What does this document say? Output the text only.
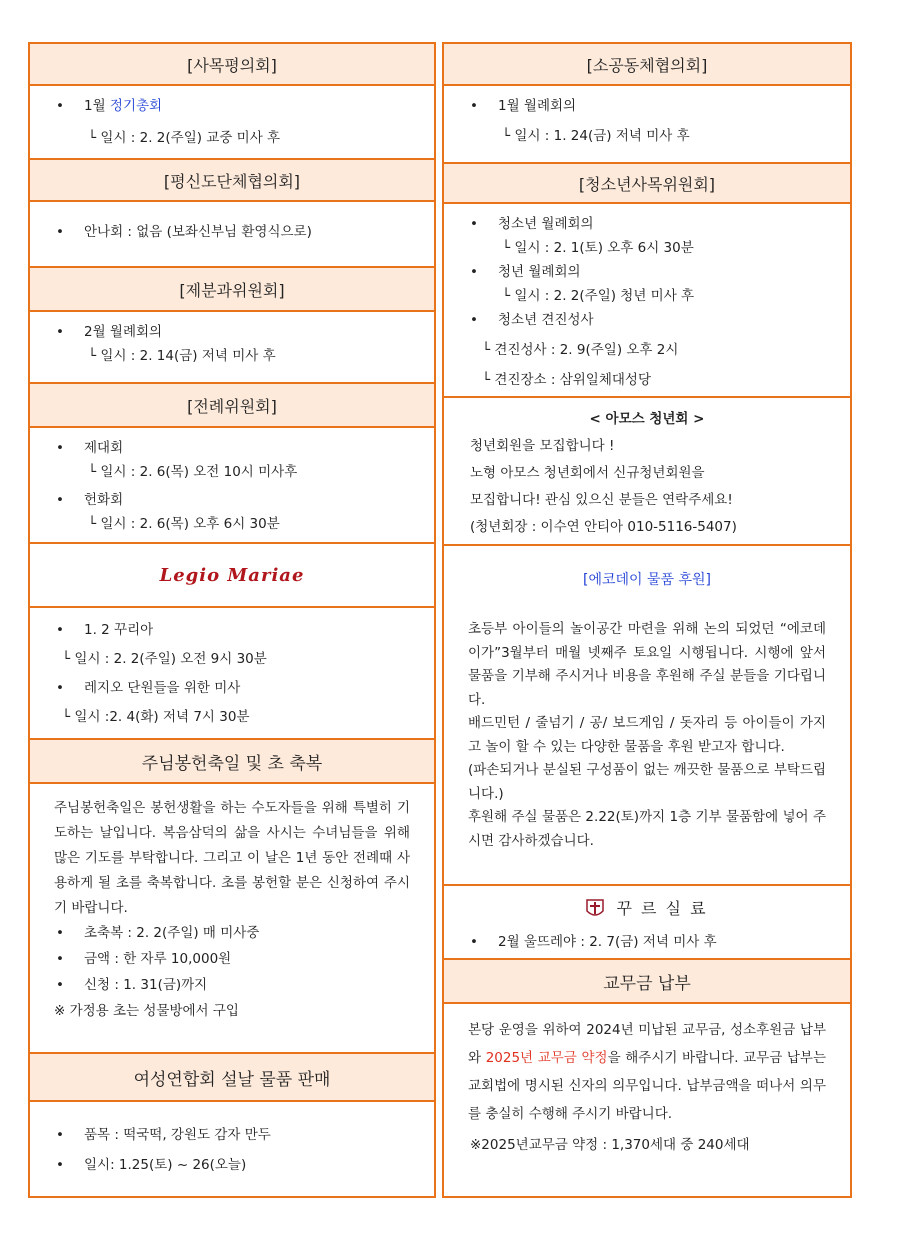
[사목평의회]
• 1월 정기총회
└ 일시 : 2. 2(주일) 교중 미사 후
[평신도단체협의회]
• 안나회 : 없음 (보좌신부님 환영식으로)
[제분과위원회]
• 2월 월례회의
└ 일시 : 2. 14(금) 저녁 미사 후
[전례위원회]
• 제대회
└ 일시 : 2. 6(목) 오전 10시 미사후
• 헌화회
└ 일시 : 2. 6(목) 오후 6시 30분
Legio Mariae
• 1. 2 꾸리아
└ 일시 : 2. 2(주일) 오전 9시 30분
• 레지오 단원들을 위한 미사
└ 일시 :2. 4(화) 저녁 7시 30분
주님봉헌축일 및 초 축복
주님봉헌축일은 봉헌생활을 하는 수도자들을 위해 특별히 기도하는 날입니다. 복음삼덕의 삶을 사시는 수녀님들을 위해 많은 기도를 부탁합니다. 그리고 이 날은 1년 동안 전례때 사용하게 될 초를 축복합니다. 초를 봉헌할 분은 신청하여 주시기 바랍니다.
• 초축복 : 2. 2(주일) 매 미사중
• 금액 : 한 자루 10,000원
• 신청 : 1. 31(금)까지
※ 가정용 초는 성물방에서 구입
여성연합회 설날 물품 판매
• 품목 : 떡국떡, 강원도 감자 만두
• 일시: 1.25(토) ~ 26(오늘)
[소공동체협의회]
• 1월 월례회의
└ 일시 : 1. 24(금) 저녁 미사 후
[청소년사목위원회]
• 청소년 월례회의
└ 일시 : 2. 1(토) 오후 6시 30분
• 청년 월례회의
└ 일시 : 2. 2(주일) 청년 미사 후
• 청소년 견진성사
└ 견진성사 : 2. 9(주일) 오후 2시
└ 견진장소 : 삼위일체대성당
< 아모스 청년회 >
청년회원을 모집합니다 !
노형 아모스 청년회에서 신규청년회원을
모집합니다! 관심 있으신 분들은 연락주세요!
(청년회장 : 이수연 안티아 010-5116-5407)
[에코데이 물품 후원]
초등부 아이들의 놀이공간 마련을 위해 논의 되었던 “에코데이가”3월부터 매월 넷째주 토요일 시행됩니다. 시행에 앞서 물품을 기부해 주시거나 비용을 후원해 주실 분들을 기다립니다.
배드민턴 / 줄넘기 / 공/ 보드게임 / 돗자리 등 아이들이 가지고 놀이 할 수 있는 다양한 물품을 후원 받고자 합니다.
(파손되거나 분실된 구성품이 없는 깨끗한 물품으로 부탁드립니다.)
후원해 주실 물품은 2.22(토)까지 1층 기부 물품함에 넣어 주시면 감사하겠습니다.
꾸 르 실 료
• 2월 울뜨레야 : 2. 7(금) 저녁 미사 후
교무금 납부
본당 운영을 위하여 2024년 미납된 교무금, 성소후원금 납부와 2025년 교무금 약정을 해주시기 바랍니다. 교무금 납부는 교회법에 명시된 신자의 의무입니다. 납부금액을 떠나서 의무를 충실히 수행해 주시기 바랍니다.
※2025년교무금 약정 : 1,370세대 중 240세대
